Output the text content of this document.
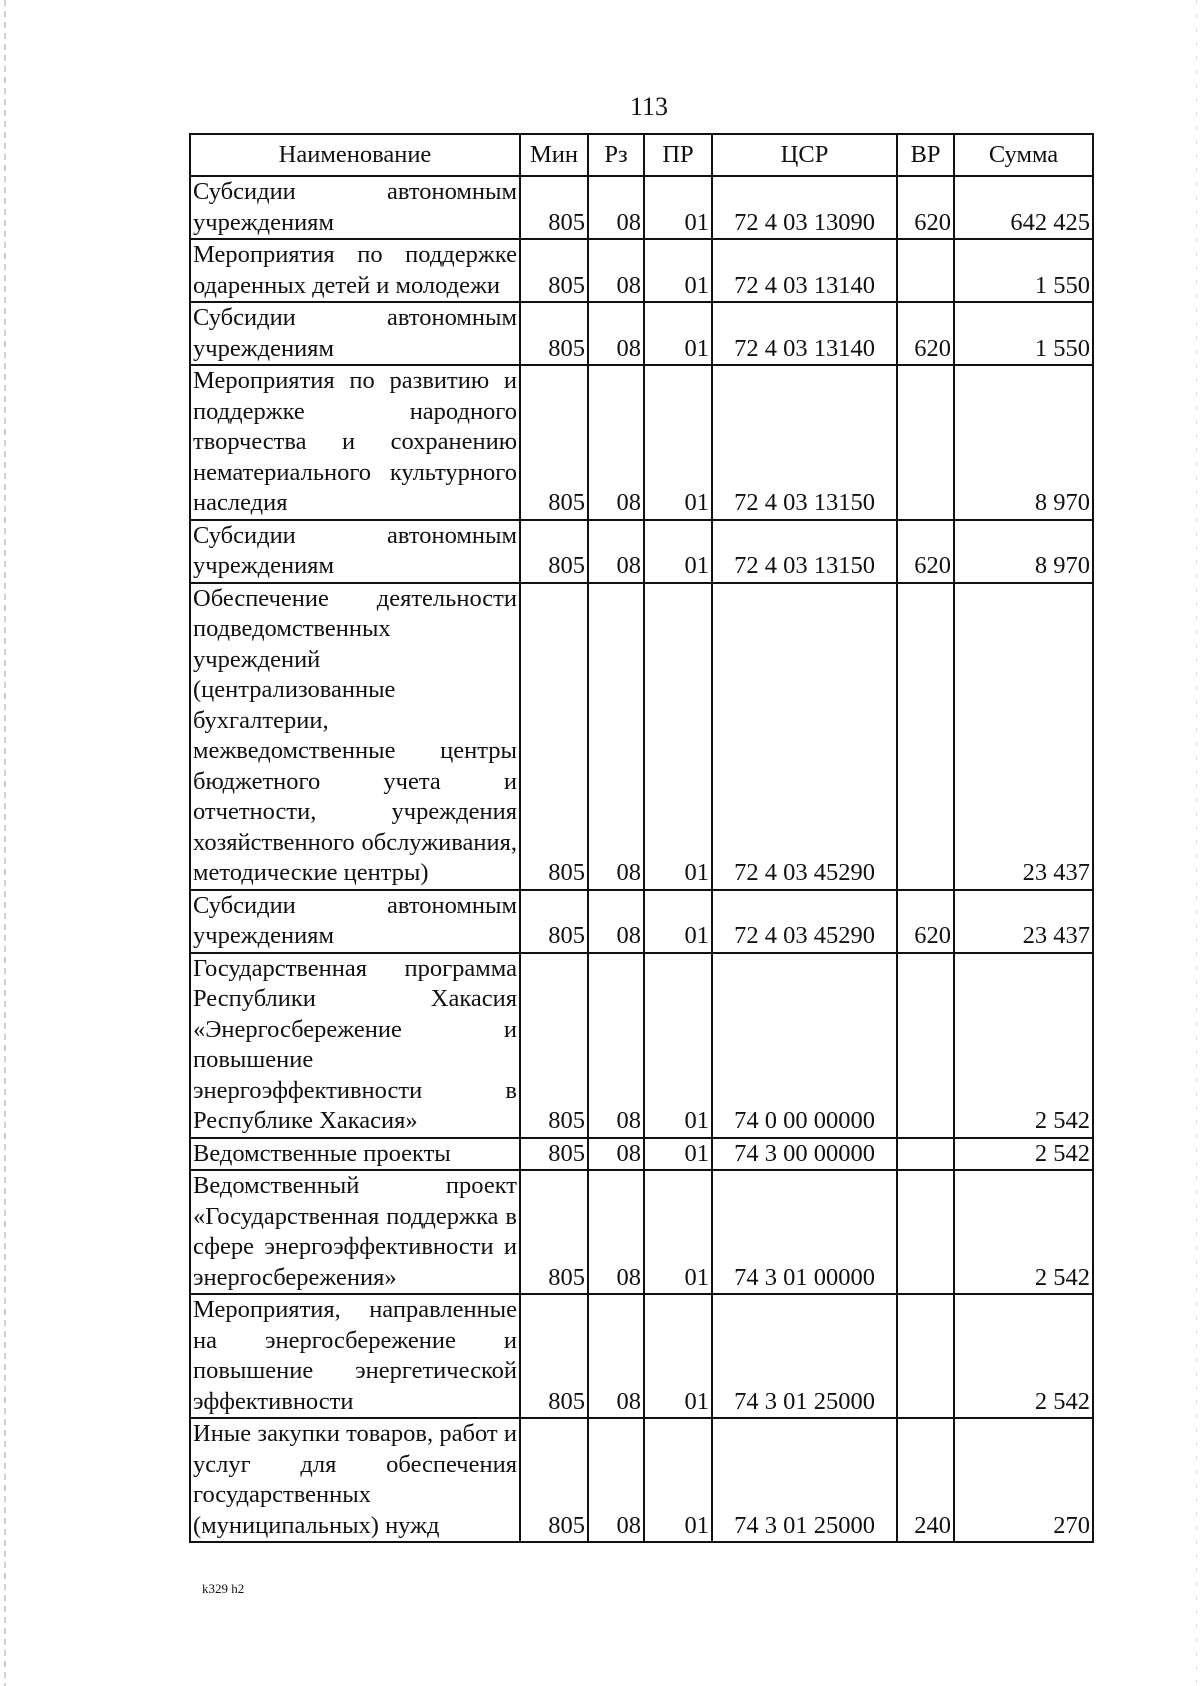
113
Наименование	Мин	Рз	ПР	ЦСР	ВР	Сумма
Субсидии автономным учреждениям	805	08	01	72 4 03 13090	620	642 425
Мероприятия по поддержке одаренных детей и молодежи	805	08	01	72 4 03 13140		1 550
Субсидии автономным учреждениям	805	08	01	72 4 03 13140	620	1 550
Мероприятия по развитию и поддержке народного творчества и сохранению нематериального культурного наследия	805	08	01	72 4 03 13150		8 970
Субсидии автономным учреждениям	805	08	01	72 4 03 13150	620	8 970
Обеспечение деятельности подведомственных учреждений (централизованные бухгалтерии, межведомственные центры бюджетного учета и отчетности, учреждения хозяйственного обслуживания, методические центры)	805	08	01	72 4 03 45290		23 437
Субсидии автономным учреждениям	805	08	01	72 4 03 45290	620	23 437
Государственная программа Республики Хакасия «Энергосбережение и повышение энергоэффективности в Республике Хакасия»	805	08	01	74 0 00 00000		2 542
Ведомственные проекты	805	08	01	74 3 00 00000		2 542
Ведомственный проект «Государственная поддержка в сфере энергоэффективности и энергосбережения»	805	08	01	74 3 01 00000		2 542
Мероприятия, направленные на энергосбережение и повышение энергетической эффективности	805	08	01	74 3 01 25000		2 542
Иные закупки товаров, работ и услуг для обеспечения государственных (муниципальных) нужд	805	08	01	74 3 01 25000	240	270
k329 h2
